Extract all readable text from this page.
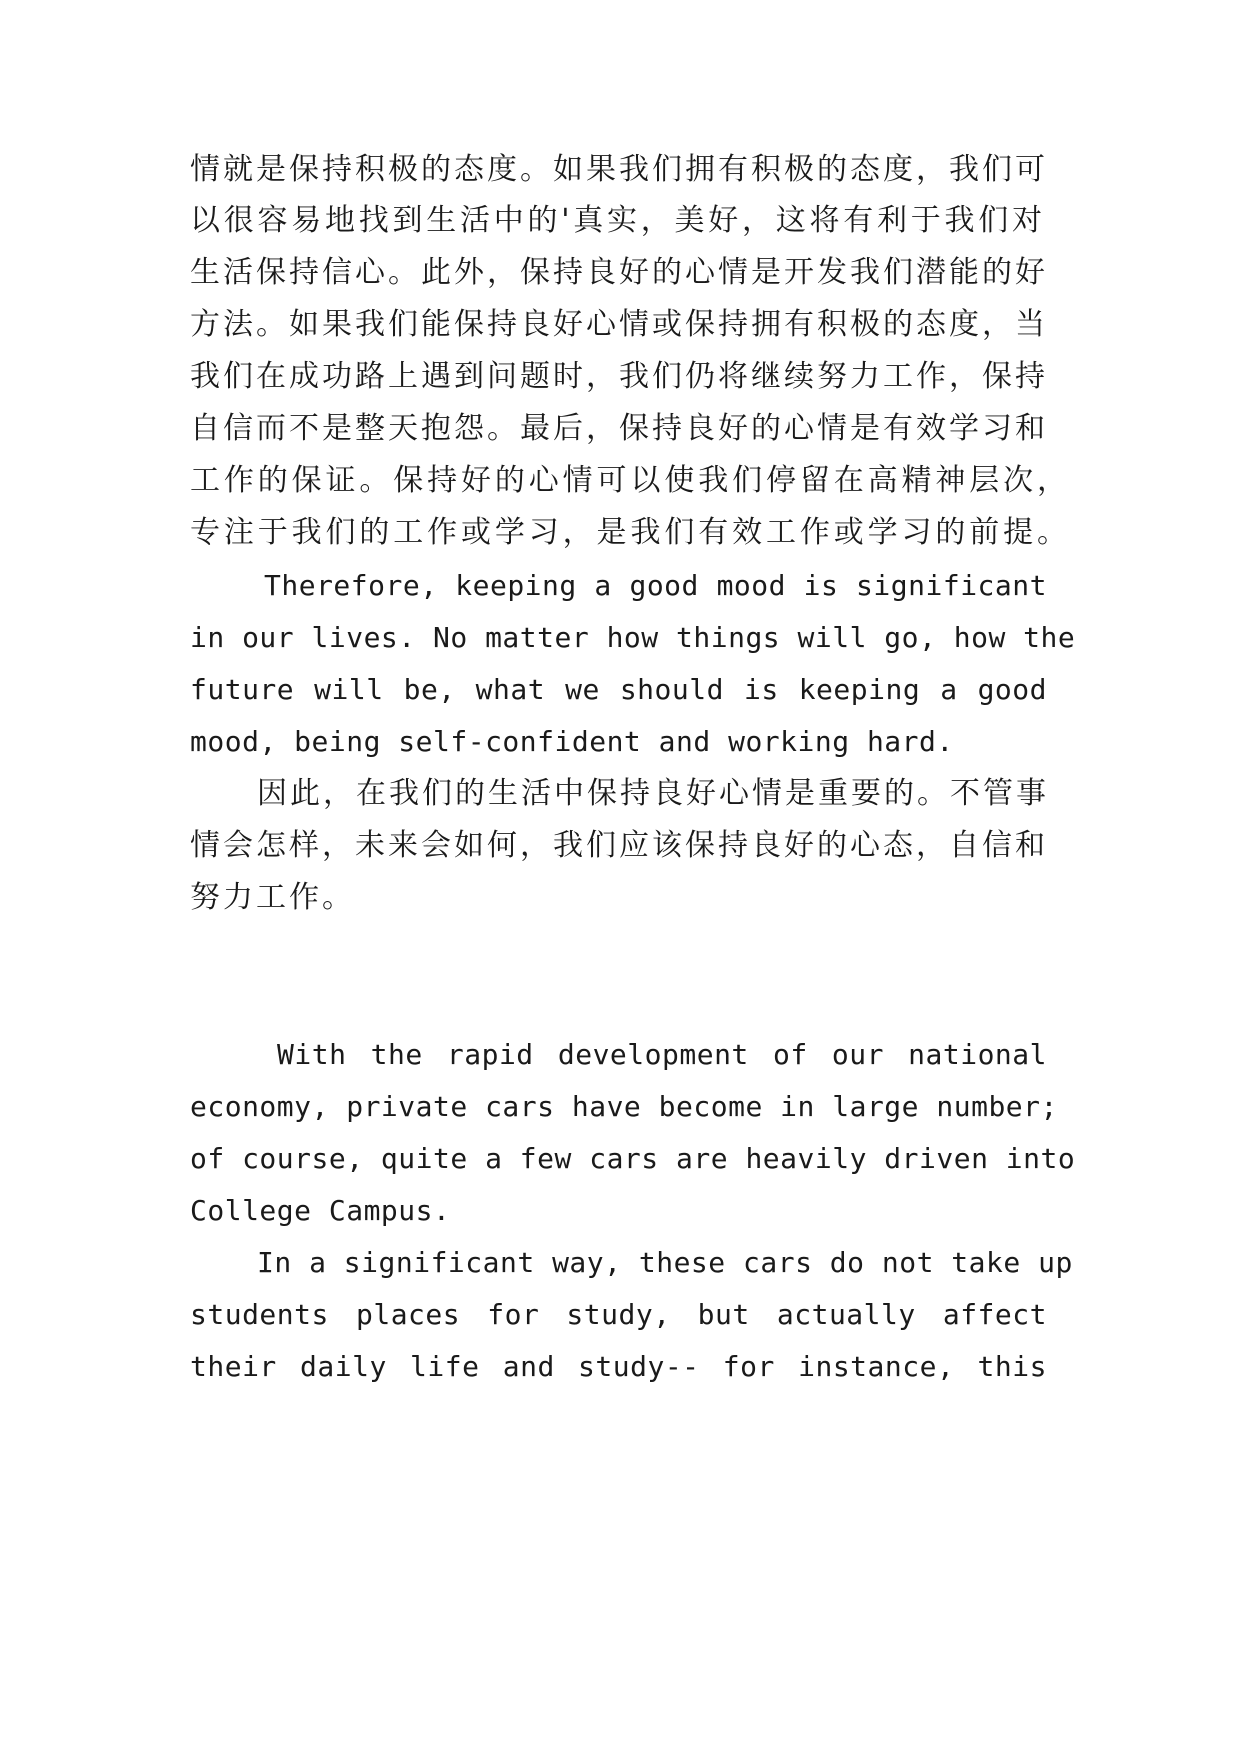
情就是保持积极的态度。如果我们拥有积极的态度，我们可
以很容易地找到生活中的'真实，美好，这将有利于我们对
生活保持信心。此外，保持良好的心情是开发我们潜能的好
方法。如果我们能保持良好心情或保持拥有积极的态度，当
我们在成功路上遇到问题时，我们仍将继续努力工作，保持
自信而不是整天抱怨。最后，保持良好的心情是有效学习和
工作的保证。保持好的心情可以使我们停留在高精神层次，
专注于我们的工作或学习，是我们有效工作或学习的前提。
Therefore, keeping a good mood is significant
in our lives. No matter how things will go, how the
future will be, what we should is keeping a good
mood, being self-confident and working hard.
因此，在我们的生活中保持良好心情是重要的。不管事
情会怎样，未来会如何，我们应该保持良好的心态，自信和
努力工作。
With the rapid development of our national
economy, private cars have become in large number;
of course, quite a few cars are heavily driven into
College Campus.
In a significant way, these cars do not take up
students places for study, but actually affect
their daily life and study-- for instance, this
